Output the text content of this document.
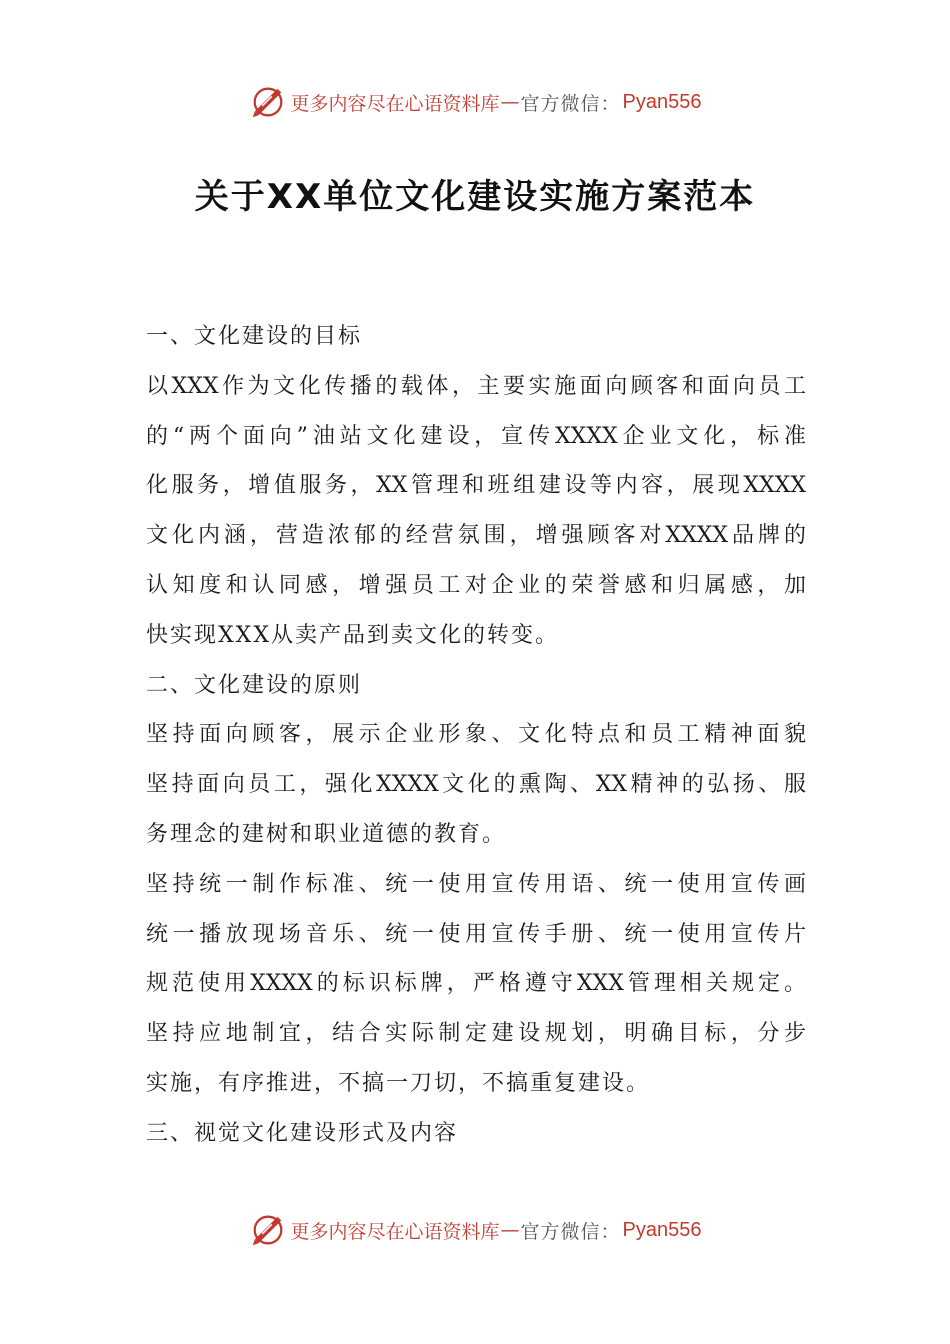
更多内容尽在心语资料库 — 官方微信： Pyan556
关于XX单位文化建设实施方案范本
一、文化建设的目标
以XXX作为文化传播的载体，主要实施面向顾客和面向员工
的“两个面向”油站文化建设，宣传XXXX企业文化，标准
化服务，增值服务，XX管理和班组建设等内容，展现XXXX
文化内涵，营造浓郁的经营氛围，增强顾客对XXXX品牌的
认知度和认同感，增强员工对企业的荣誉感和归属感，加
快实现XXX从卖产品到卖文化的转变。
二、文化建设的原则
坚持面向顾客，展示企业形象、文化特点和员工精神面貌
坚持面向员工，强化XXXX文化的熏陶、XX精神的弘扬、服
务理念的建树和职业道德的教育。
坚持统一制作标准、统一使用宣传用语、统一使用宣传画
统一播放现场音乐、统一使用宣传手册、统一使用宣传片
规范使用XXXX的标识标牌，严格遵守XXX管理相关规定。
坚持应地制宜，结合实际制定建设规划，明确目标，分步
实施，有序推进，不搞一刀切，不搞重复建设。
三、视觉文化建设形式及内容
更多内容尽在心语资料库 — 官方微信： Pyan556
